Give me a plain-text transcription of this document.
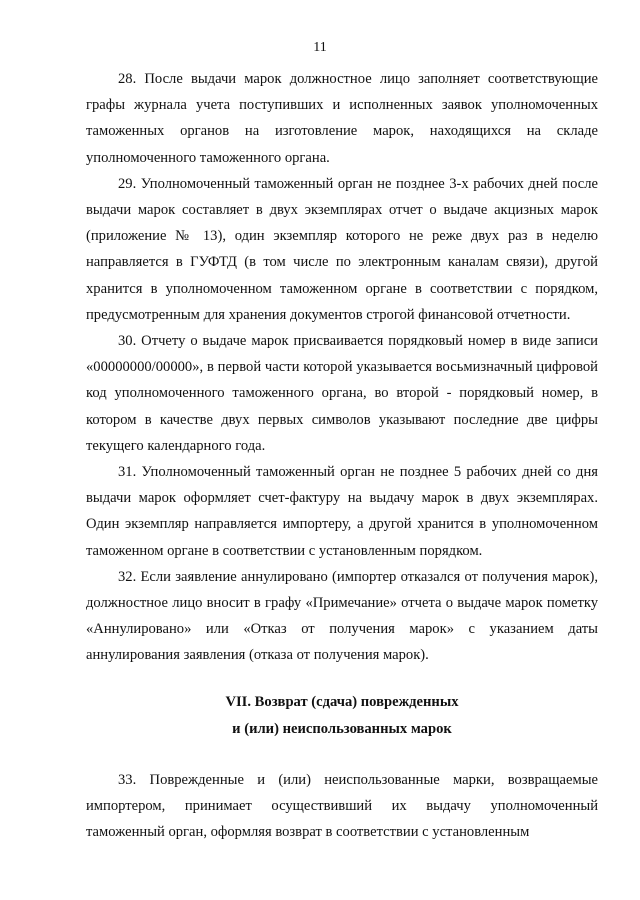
11

28. После выдачи марок должностное лицо заполняет соответствующие графы журнала учета поступивших и исполненных заявок уполномоченных таможенных органов на изготовление марок, находящихся на складе уполномоченного таможенного органа.

29. Уполномоченный таможенный орган не позднее 3-х рабочих дней после выдачи марок составляет в двух экземплярах отчет о выдаче акцизных марок (приложение № 13), один экземпляр которого не реже двух раз в неделю направляется в ГУФТД (в том числе по электронным каналам связи), другой хранится в уполномоченном таможенном органе в соответствии с порядком, предусмотренным для хранения документов строгой финансовой отчетности.

30. Отчету о выдаче марок присваивается порядковый номер в виде записи «00000000/00000», в первой части которой указывается восьмизначный цифровой код уполномоченного таможенного органа, во второй - порядковый номер, в котором в качестве двух первых символов указывают последние две цифры текущего календарного года.

31. Уполномоченный таможенный орган не позднее 5 рабочих дней со дня выдачи марок оформляет счет-фактуру на выдачу марок в двух экземплярах. Один экземпляр направляется импортеру, а другой хранится в уполномоченном таможенном органе в соответствии с установленным порядком.

32. Если заявление аннулировано (импортер отказался от получения марок), должностное лицо вносит в графу «Примечание» отчета о выдаче марок пометку «Аннулировано» или «Отказ от получения марок» с указанием даты аннулирования заявления (отказа от получения марок).

VII. Возврат (сдача) поврежденных
и (или) неиспользованных марок

33. Поврежденные и (или) неиспользованные марки, возвращаемые импортером, принимает осуществивший их выдачу уполномоченный таможенный орган, оформляя возврат в соответствии с установленным
